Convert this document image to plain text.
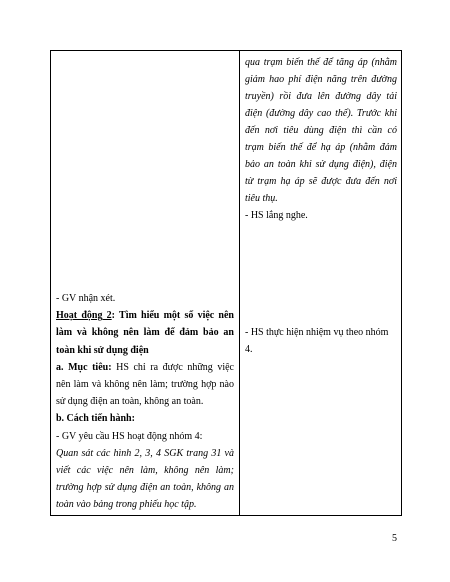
qua trạm biến thế để tăng áp (nhằm giảm hao phí điện năng trên đường truyền) rồi đưa lên đường dây tải điện (đường dây cao thế). Trước khi đến nơi tiêu dùng điện thì cần có trạm biến thế để hạ áp (nhằm đảm bảo an toàn khi sử dụng điện), điện từ trạm hạ áp sẽ được đưa đến nơi tiêu thụ.

- HS lắng nghe.

- GV nhận xét.

Hoạt động 2: Tìm hiểu một số việc nên làm và không nên làm để đảm bảo an toàn khi sử dụng điện

a. Mục tiêu: HS chỉ ra được những việc nên làm và không nên làm; trường hợp nào sử dụng điện an toàn, không an toàn.

b. Cách tiến hành:

- GV yêu cầu HS hoạt động nhóm 4:

Quan sát các hình 2, 3, 4 SGK trang 31 và viết các việc nên làm, không nên làm; trường hợp sử dụng điện an toàn, không an toàn vào bảng trong phiếu học tập.

- HS thực hiện nhiệm vụ theo nhóm 4.
5
